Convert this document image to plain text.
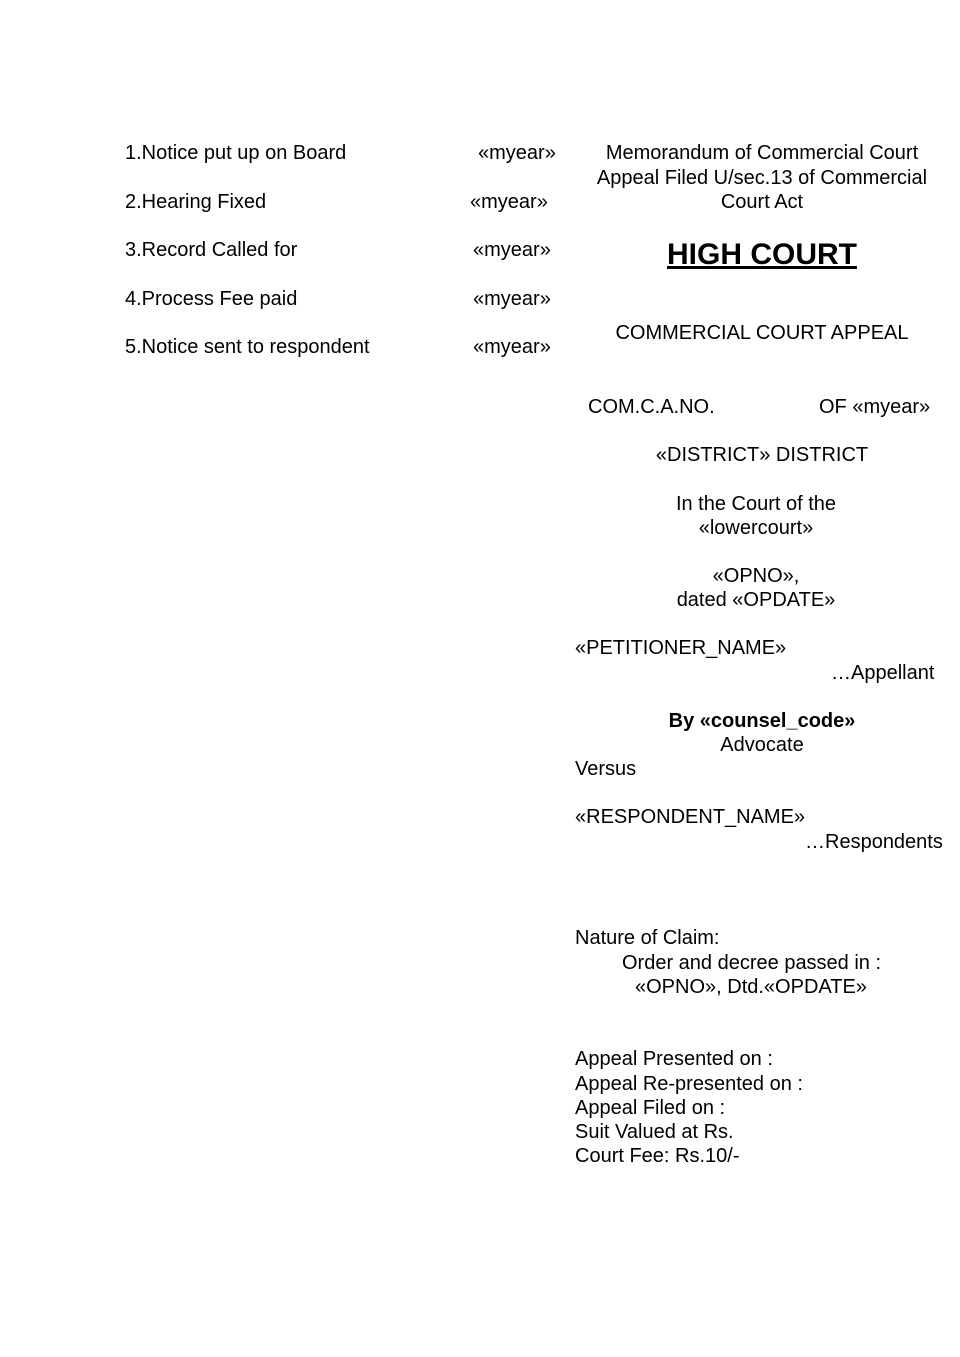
1.Notice put up on Board	«myear»
2.Hearing Fixed	«myear»
3.Record Called for	«myear»
4.Process Fee paid	«myear»
5.Notice sent to respondent	«myear»
Memorandum of Commercial Court
Appeal Filed U/sec.13 of Commercial
Court Act
HIGH COURT
COMMERCIAL COURT APPEAL
COM.C.A.NO.	OF «myear»
«DISTRICT» DISTRICT
In the Court of the
«lowercourt»
«OPNO»,
dated «OPDATE»
«PETITIONER_NAME»
…Appellant
By «counsel_code»
Advocate
Versus
«RESPONDENT_NAME»
…Respondents
Nature of Claim:
Order and decree passed in :
«OPNO», Dtd.«OPDATE»
Appeal Presented on :
Appeal Re-presented on :
Appeal Filed on :
Suit Valued at Rs.
Court Fee: Rs.10/-
